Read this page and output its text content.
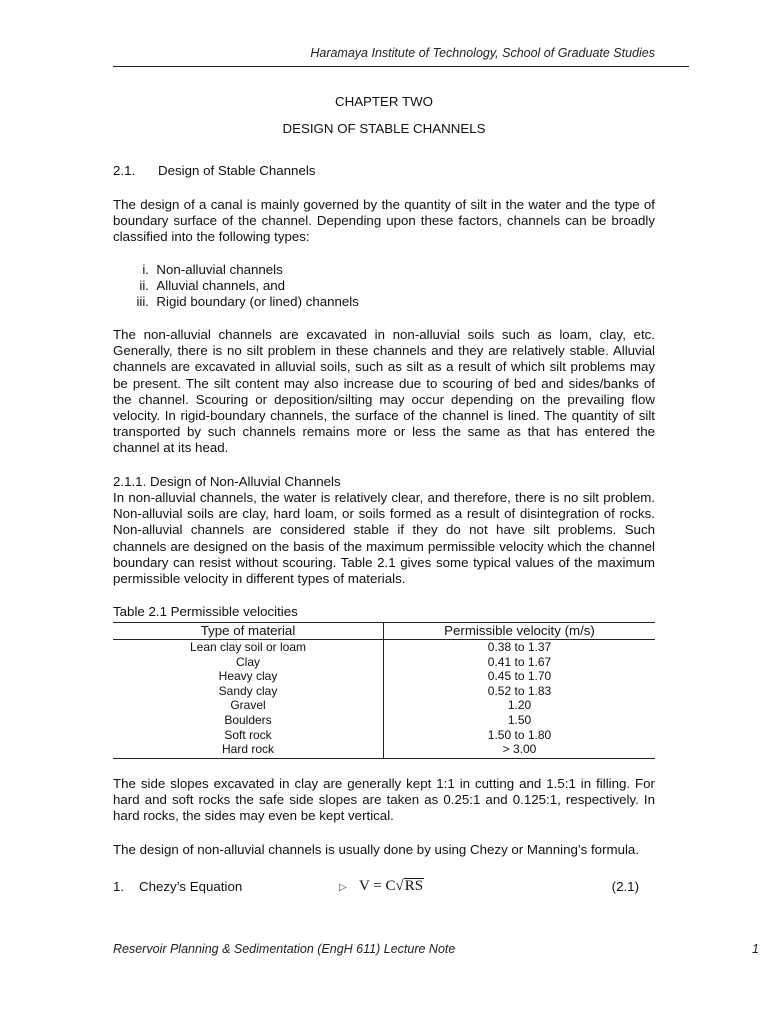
Haramaya Institute of Technology, School of Graduate Studies
CHAPTER TWO
DESIGN OF STABLE CHANNELS
2.1. Design of Stable Channels

The design of a canal is mainly governed by the quantity of silt in the water and the type of boundary surface of the channel. Depending upon these factors, channels can be broadly classified into the following types:

i. Non-alluvial channels
ii. Alluvial channels, and
iii. Rigid boundary (or lined) channels

The non-alluvial channels are excavated in non-alluvial soils such as loam, clay, etc. Generally, there is no silt problem in these channels and they are relatively stable. Alluvial channels are excavated in alluvial soils, such as silt as a result of which silt problems may be present. The silt content may also increase due to scouring of bed and sides/banks of the channel. Scouring or deposition/silting may occur depending on the prevailing flow velocity. In rigid-boundary channels, the surface of the channel is lined. The quantity of silt transported by such channels remains more or less the same as that has entered the channel at its head.

2.1.1. Design of Non-Alluvial Channels

In non-alluvial channels, the water is relatively clear, and therefore, there is no silt problem. Non-alluvial soils are clay, hard loam, or soils formed as a result of disintegration of rocks. Non-alluvial channels are considered stable if they do not have silt problems. Such channels are designed on the basis of the maximum permissible velocity which the channel boundary can resist without scouring. Table 2.1 gives some typical values of the maximum permissible velocity in different types of materials.

Table 2.1 Permissible velocities
Type of material	Permissible velocity (m/s)
Lean clay soil or loam	0.38 to 1.37
Clay	0.41 to 1.67
Heavy clay	0.45 to 1.70
Sandy clay	0.52 to 1.83
Gravel	1.20
Boulders	1.50
Soft rock	1.50 to 1.80
Hard rock	> 3.00

The side slopes excavated in clay are generally kept 1:1 in cutting and 1.5:1 in filling. For hard and soft rocks the safe side slopes are taken as 0.25:1 and 0.125:1, respectively. In hard rocks, the sides may even be kept vertical.

The design of non-alluvial channels is usually done by using Chezy or Manning’s formula.

1. Chezy’s Equation	▷ V = C√RS	(2.1)
Reservoir Planning & Sedimentation (EngH 611) Lecture Note	1
